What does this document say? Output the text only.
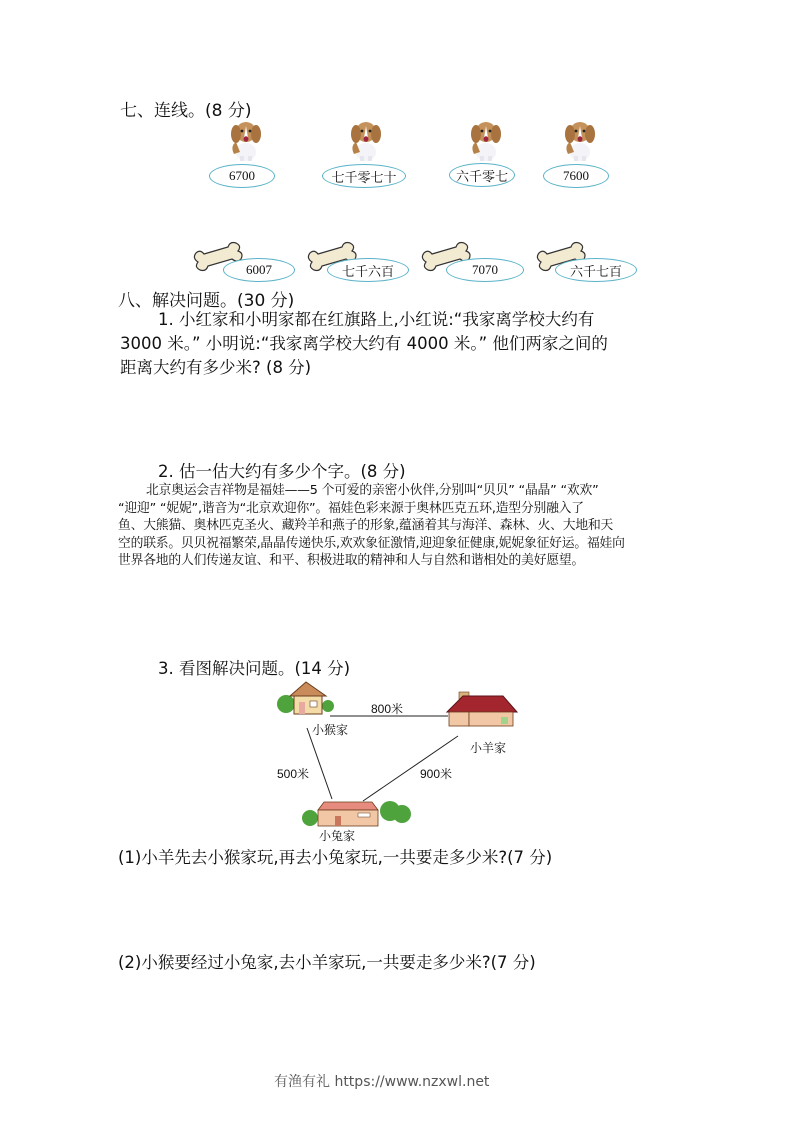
七、连线。(8 分)
6700	七千零七十	六千零七	7600
6007	七千六百	7070	六千七百
八、解决问题。(30 分)
1. 小红家和小明家都在红旗路上,小红说:“我家离学校大约有
3000 米。” 小明说:“我家离学校大约有 4000 米。” 他们两家之间的
距离大约有多少米? (8 分)
2. 估一估大约有多少个字。(8 分)
北京奥运会吉祥物是福娃——5 个可爱的亲密小伙伴,分别叫“贝贝” “晶晶” “欢欢”
“迎迎” “妮妮”,谐音为“北京欢迎你”。福娃色彩来源于奥林匹克五环,造型分别融入了
鱼、大熊猫、奥林匹克圣火、藏羚羊和燕子的形象,蕴涵着其与海洋、森林、火、大地和天
空的联系。贝贝祝福繁荣,晶晶传递快乐,欢欢象征激情,迎迎象征健康,妮妮象征好运。福娃向
世界各地的人们传递友谊、和平、积极进取的精神和人与自然和谐相处的美好愿望。
3. 看图解决问题。(14 分)
800米
500米	900米
小猴家
小羊家
小兔家
(1)小羊先去小猴家玩,再去小兔家玩,一共要走多少米?(7 分)
(2)小猴要经过小兔家,去小羊家玩,一共要走多少米?(7 分)
有渔有礼 https://www.nzxwl.net
